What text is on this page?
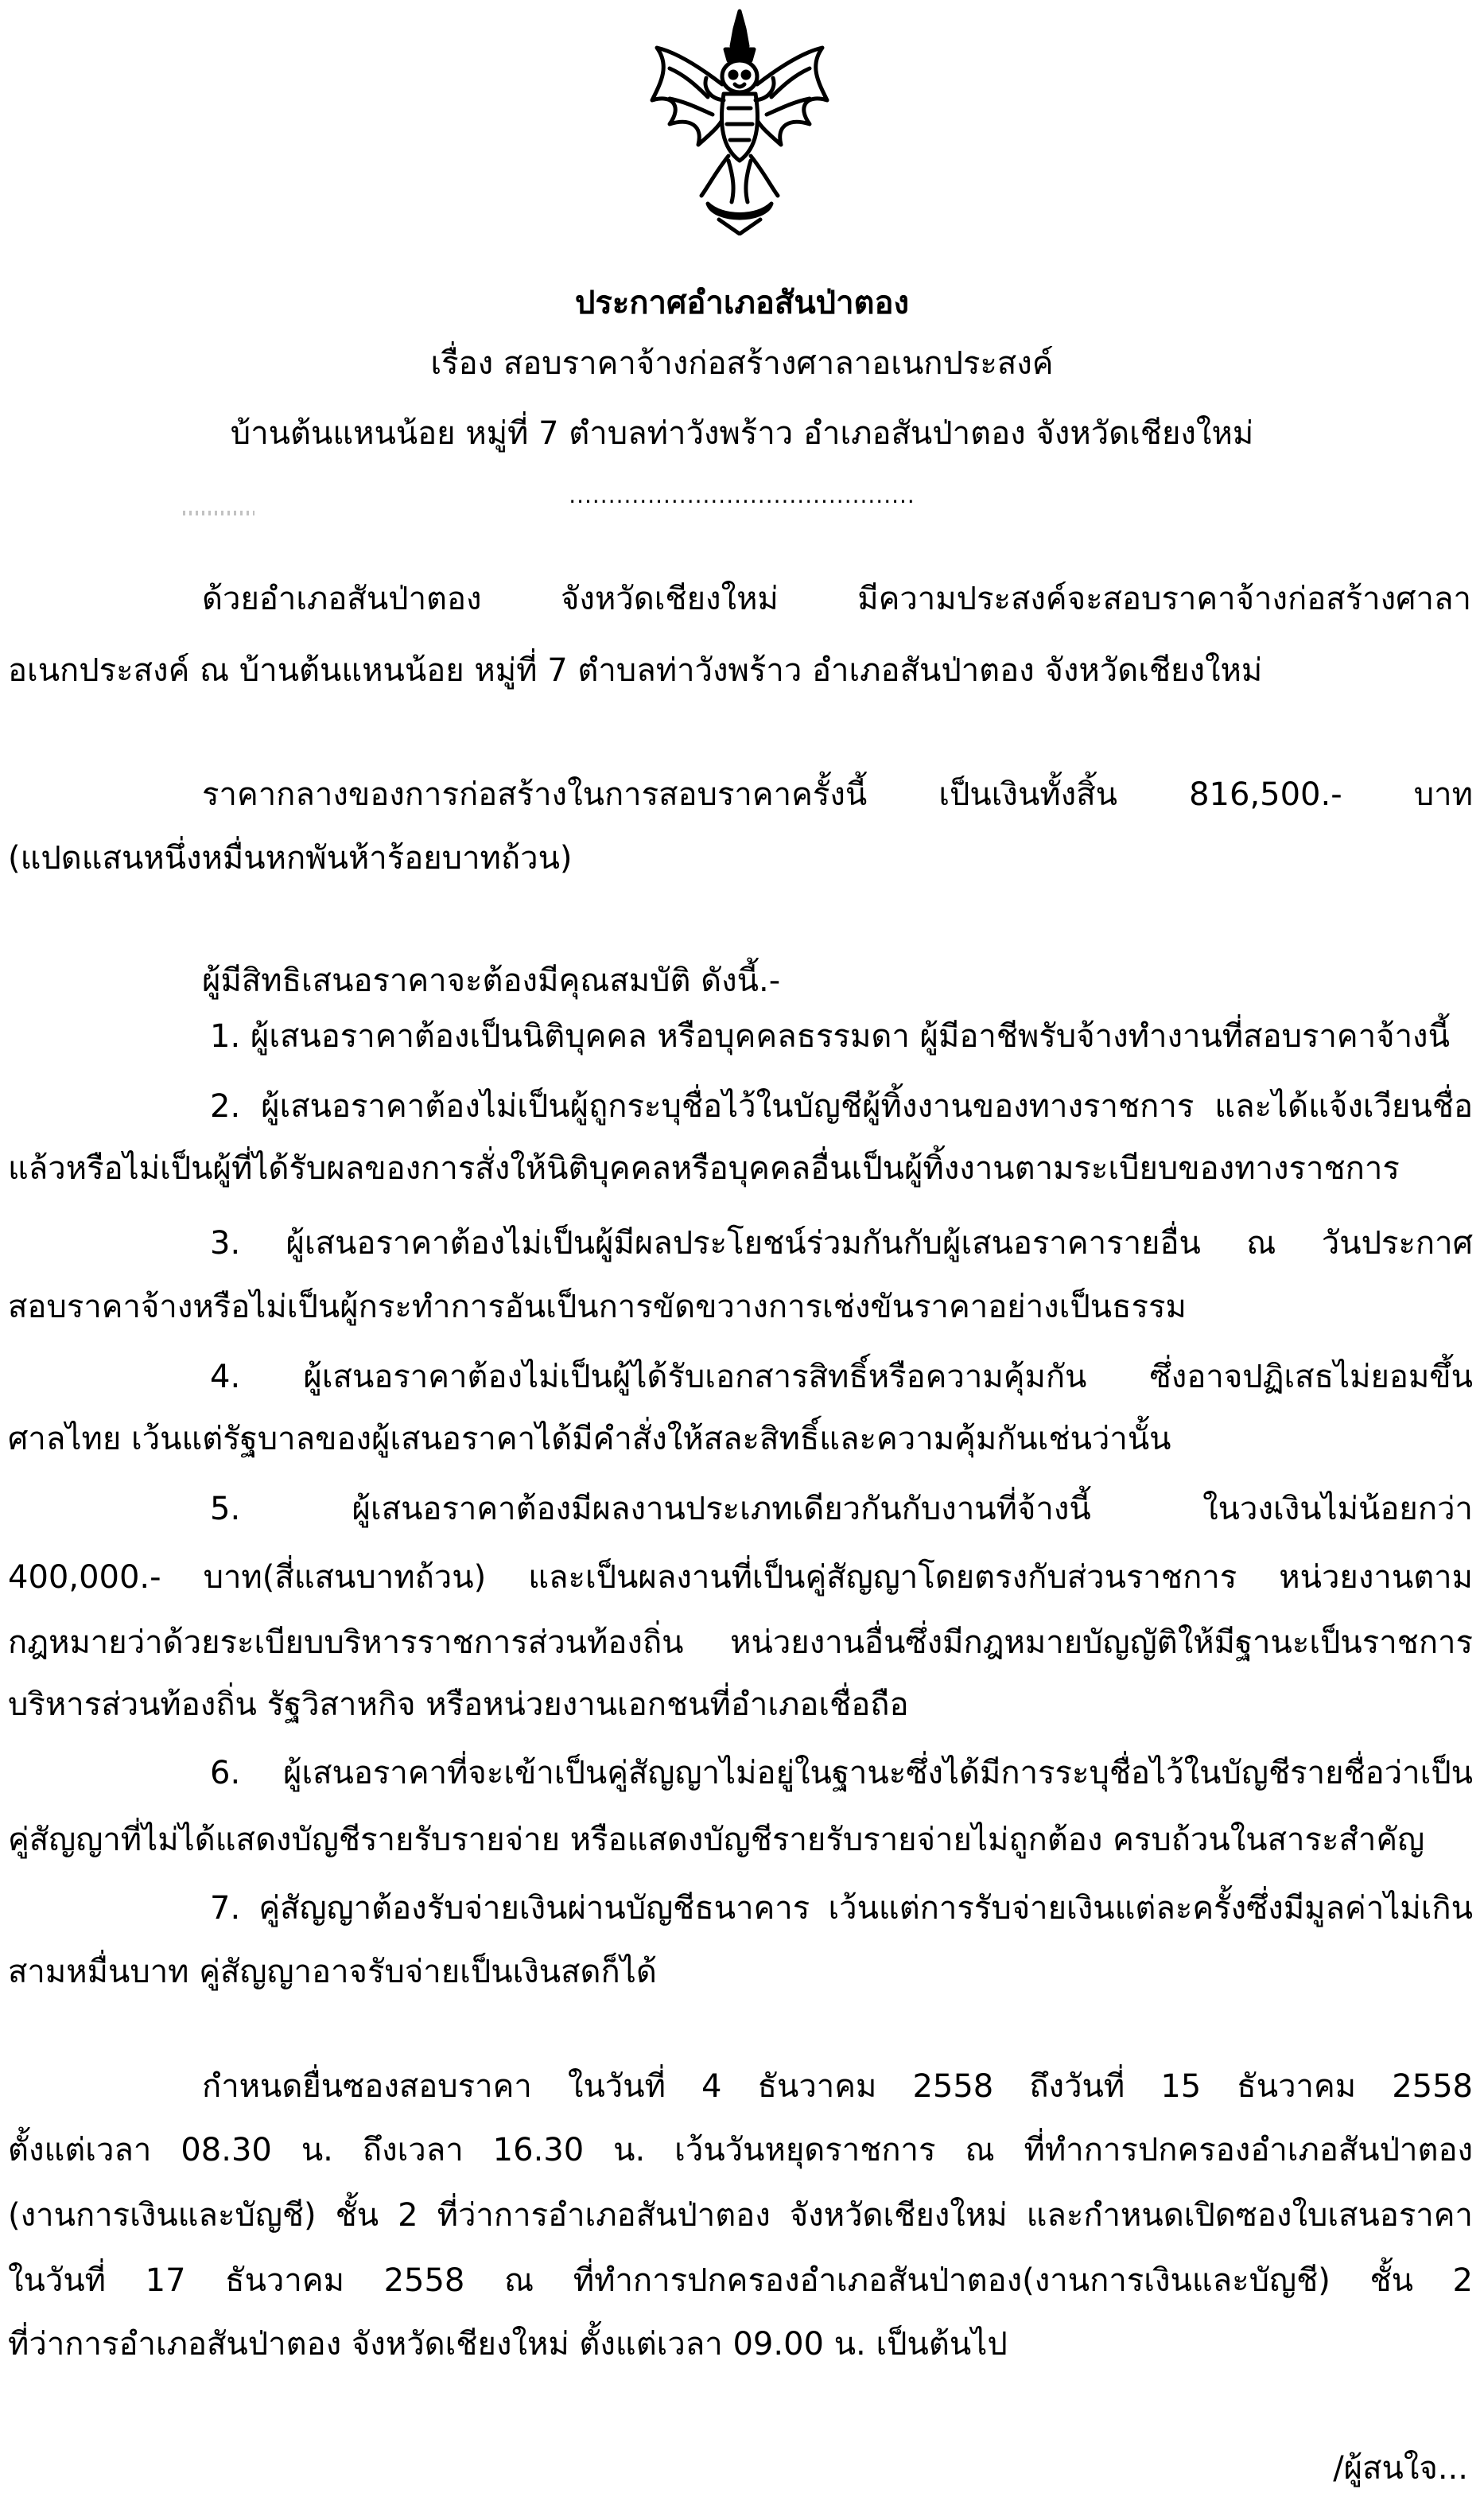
ประกาศอำเภอสันป่าตอง
เรื่อง สอบราคาจ้างก่อสร้างศาลาอเนกประสงค์
บ้านต้นแหนน้อย หมู่ที่ 7 ตำบลท่าวังพร้าว อำเภอสันป่าตอง จังหวัดเชียงใหม่
............................................
ด้วยอำเภอสันป่าตอง จังหวัดเชียงใหม่ มีความประสงค์จะสอบราคาจ้างก่อสร้างศาลา
อเนกประสงค์ ณ บ้านต้นแหนน้อย หมู่ที่ 7 ตำบลท่าวังพร้าว อำเภอสันป่าตอง จังหวัดเชียงใหม่
ราคากลางของการก่อสร้างในการสอบราคาครั้งนี้ เป็นเงินทั้งสิ้น 816,500.- บาท
(แปดแสนหนึ่งหมื่นหกพันห้าร้อยบาทถ้วน)
ผู้มีสิทธิเสนอราคาจะต้องมีคุณสมบัติ ดังนี้.-
1. ผู้เสนอราคาต้องเป็นนิติบุคคล หรือบุคคลธรรมดา ผู้มีอาชีพรับจ้างทำงานที่สอบราคาจ้างนี้
2. ผู้เสนอราคาต้องไม่เป็นผู้ถูกระบุชื่อไว้ในบัญชีผู้ทิ้งงานของทางราชการ และได้แจ้งเวียนชื่อ
แล้วหรือไม่เป็นผู้ที่ได้รับผลของการสั่งให้นิติบุคคลหรือบุคคลอื่นเป็นผู้ทิ้งงานตามระเบียบของทางราชการ
3. ผู้เสนอราคาต้องไม่เป็นผู้มีผลประโยชน์ร่วมกันกับผู้เสนอราคารายอื่น ณ วันประกาศ
สอบราคาจ้างหรือไม่เป็นผู้กระทำการอันเป็นการขัดขวางการเช่งขันราคาอย่างเป็นธรรม
4. ผู้เสนอราคาต้องไม่เป็นผู้ได้รับเอกสารสิทธิ์หรือความคุ้มกัน ซึ่งอาจปฏิเสธไม่ยอมขึ้น
ศาลไทย เว้นแต่รัฐบาลของผู้เสนอราคาได้มีคำสั่งให้สละสิทธิ์และความคุ้มกันเช่นว่านั้น
5. ผู้เสนอราคาต้องมีผลงานประเภทเดียวกันกับงานที่จ้างนี้ ในวงเงินไม่น้อยกว่า
400,000.- บาท(สี่แสนบาทถ้วน) และเป็นผลงานที่เป็นคู่สัญญาโดยตรงกับส่วนราชการ หน่วยงานตาม
กฎหมายว่าด้วยระเบียบบริหารราชการส่วนท้องถิ่น หน่วยงานอื่นซึ่งมีกฎหมายบัญญัติให้มีฐานะเป็นราชการ
บริหารส่วนท้องถิ่น รัฐวิสาหกิจ หรือหน่วยงานเอกชนที่อำเภอเชื่อถือ
6. ผู้เสนอราคาที่จะเข้าเป็นคู่สัญญาไม่อยู่ในฐานะซึ่งได้มีการระบุชื่อไว้ในบัญชีรายชื่อว่าเป็น
คู่สัญญาที่ไม่ได้แสดงบัญชีรายรับรายจ่าย หรือแสดงบัญชีรายรับรายจ่ายไม่ถูกต้อง ครบถ้วนในสาระสำคัญ
7. คู่สัญญาต้องรับจ่ายเงินผ่านบัญชีธนาคาร เว้นแต่การรับจ่ายเงินแต่ละครั้งซึ่งมีมูลค่าไม่เกิน
สามหมื่นบาท คู่สัญญาอาจรับจ่ายเป็นเงินสดก็ได้
กำหนดยื่นซองสอบราคา ในวันที่ 4 ธันวาคม 2558 ถึงวันที่ 15 ธันวาคม 2558
ตั้งแต่เวลา 08.30 น. ถึงเวลา 16.30 น. เว้นวันหยุดราชการ ณ ที่ทำการปกครองอำเภอสันป่าตอง
(งานการเงินและบัญชี) ชั้น 2 ที่ว่าการอำเภอสันป่าตอง จังหวัดเชียงใหม่ และกำหนดเปิดซองใบเสนอราคา
ในวันที่ 17 ธันวาคม 2558 ณ ที่ทำการปกครองอำเภอสันป่าตอง(งานการเงินและบัญชี) ชั้น 2
ที่ว่าการอำเภอสันป่าตอง จังหวัดเชียงใหม่ ตั้งแต่เวลา 09.00 น. เป็นต้นไป
/ผู้สนใจ...
